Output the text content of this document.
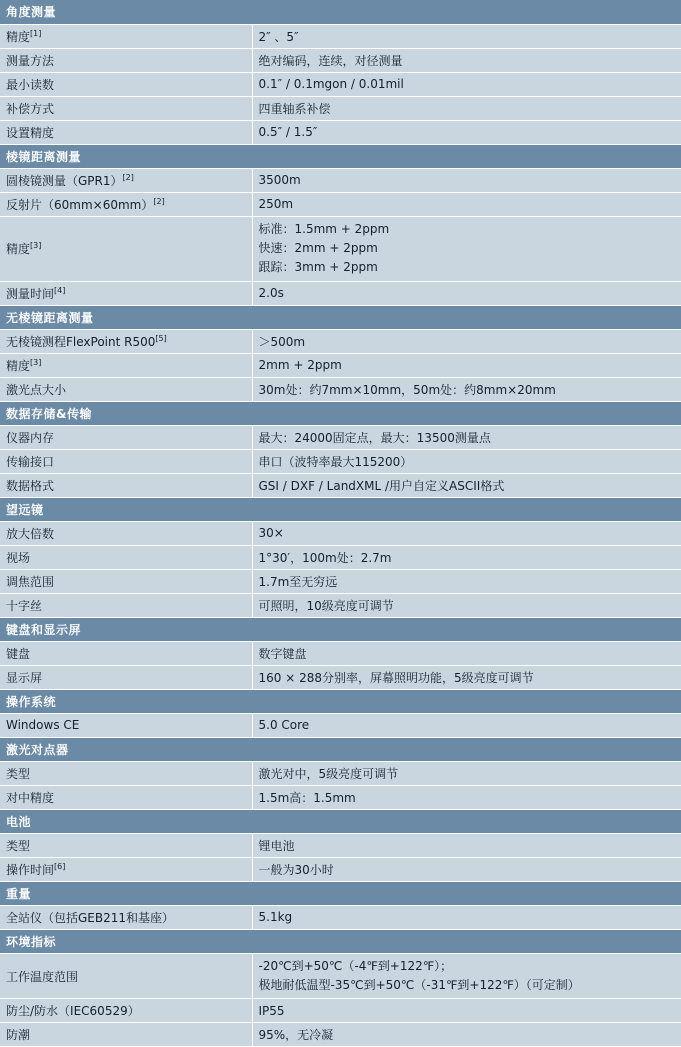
角度测量	
精度[1]	2″ 、5″
测量方法	绝对编码，连续，对径测量
最小读数	0.1″ / 0.1mgon / 0.01mil
补偿方式	四重轴系补偿
设置精度	0.5″ / 1.5″
棱镜距离测量	
圆棱镜测量（GPR1）[2]	3500m
反射片（60mm×60mm）[2]	250m
精度[3]	标准：1.5mm + 2ppm
快速：2mm + 2ppm
跟踪：3mm + 2ppm

测量时间[4]	2.0s
无棱镜距离测量	
无棱镜测程FlexPoint R500[5]	＞500m
精度[3]	2mm + 2ppm
激光点大小	30m处：约7mm×10mm，50m处：约8mm×20mm
数据存储&传输	
仪器内存	最大：24000固定点，最大：13500测量点
传输接口	串口（波特率最大115200）
数据格式	GSI / DXF / LandXML /用户自定义ASCII格式
望远镜	
放大倍数	30×
视场	1°30′，100m处：2.7m
调焦范围	1.7m至无穷远
十字丝	可照明，10级亮度可调节
键盘和显示屏	
键盘	数字键盘
显示屏	160 × 288分别率，屏幕照明功能，5级亮度可调节
操作系统	
Windows CE	5.0 Core
激光对点器	
类型	激光对中，5级亮度可调节
对中精度	1.5m高：1.5mm
电池	
类型	锂电池
操作时间[6]	一般为30小时
重量	
全站仪（包括GEB211和基座）	5.1kg
环境指标	
工作温度范围	-20℃到+50℃（-4℉到+122℉）；
极地耐低温型-35℃到+50℃（-31℉到+122℉）（可定制）

防尘/防水（IEC60529）	IP55
防潮	95%，无冷凝
